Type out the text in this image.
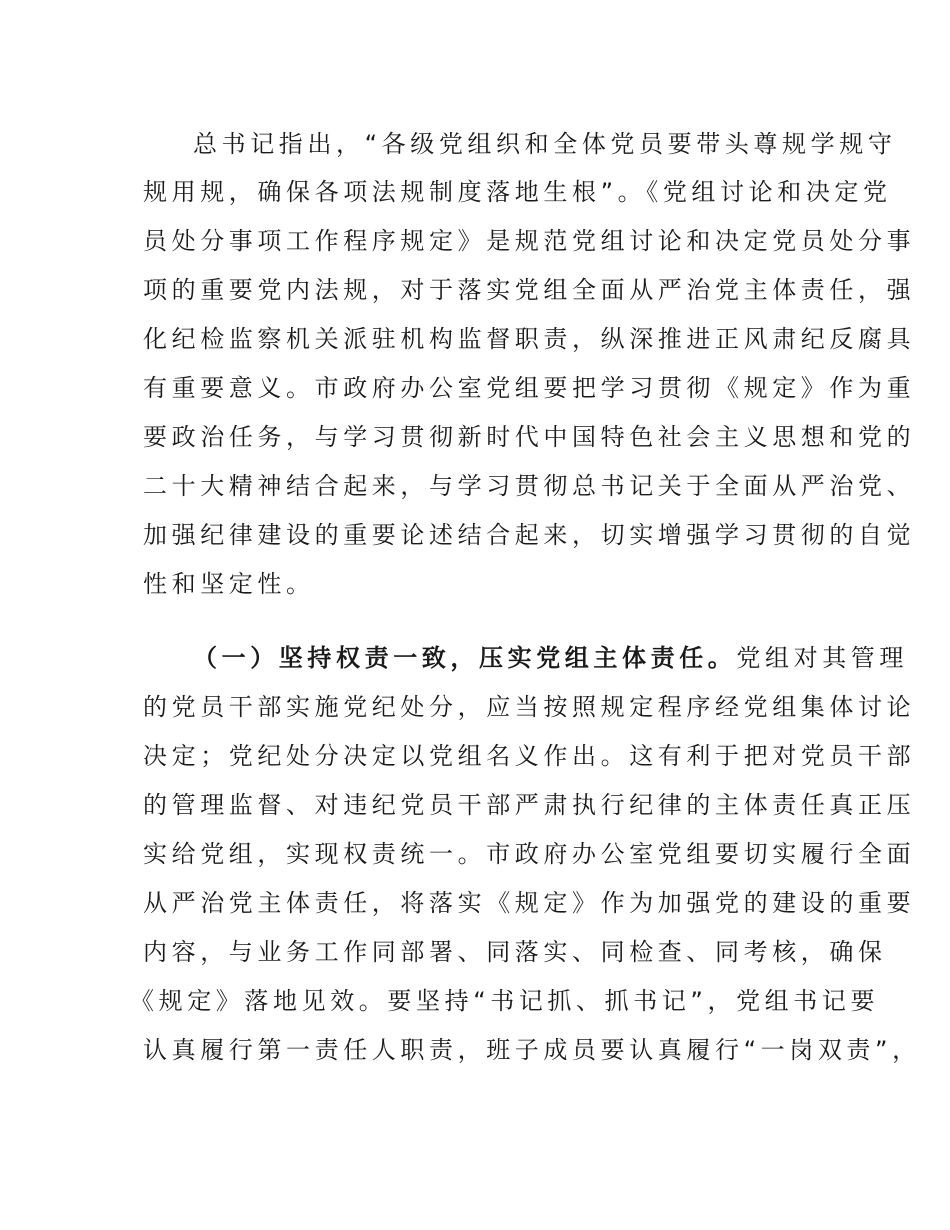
总书记指出，“各级党组织和全体党员要带头尊规学规守
规用规，确保各项法规制度落地生根”。《党组讨论和决定党
员处分事项工作程序规定》是规范党组讨论和决定党员处分事
项的重要党内法规，对于落实党组全面从严治党主体责任，强
化纪检监察机关派驻机构监督职责，纵深推进正风肃纪反腐具
有重要意义。市政府办公室党组要把学习贯彻《规定》作为重
要政治任务，与学习贯彻新时代中国特色社会主义思想和党的
二十大精神结合起来，与学习贯彻总书记关于全面从严治党、
加强纪律建设的重要论述结合起来，切实增强学习贯彻的自觉
性和坚定性。
（一）坚持权责一致，压实党组主体责任。党组对其管理
的党员干部实施党纪处分，应当按照规定程序经党组集体讨论
决定；党纪处分决定以党组名义作出。这有利于把对党员干部
的管理监督、对违纪党员干部严肃执行纪律的主体责任真正压
实给党组，实现权责统一。市政府办公室党组要切实履行全面
从严治党主体责任，将落实《规定》作为加强党的建设的重要
内容，与业务工作同部署、同落实、同检查、同考核，确保
《规定》落地见效。要坚持“书记抓、抓书记”，党组书记要
认真履行第一责任人职责，班子成员要认真履行“一岗双责”，
